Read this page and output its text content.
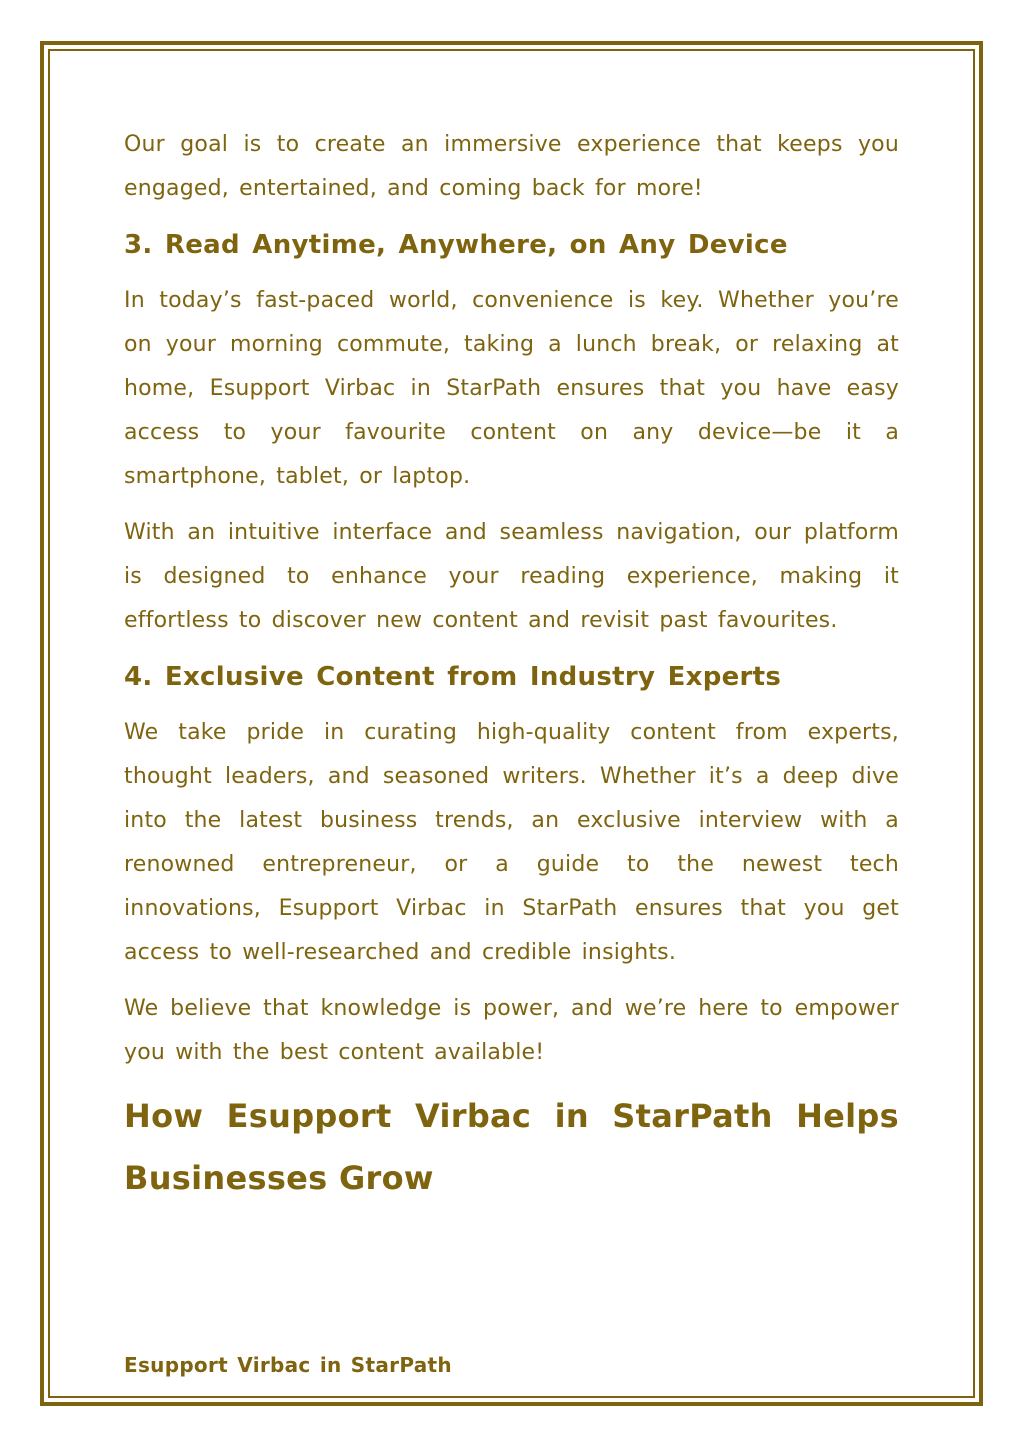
Our goal is to create an immersive experience that keeps you engaged, entertained, and coming back for more!

3. Read Anytime, Anywhere, on Any Device

In today’s fast-paced world, convenience is key. Whether you’re on your morning commute, taking a lunch break, or relaxing at home, Esupport Virbac in StarPath ensures that you have easy access to your favourite content on any device—be it a smartphone, tablet, or laptop.

With an intuitive interface and seamless navigation, our platform is designed to enhance your reading experience, making it effortless to discover new content and revisit past favourites.

4. Exclusive Content from Industry Experts

We take pride in curating high-quality content from experts, thought leaders, and seasoned writers. Whether it’s a deep dive into the latest business trends, an exclusive interview with a renowned entrepreneur, or a guide to the newest tech innovations, Esupport Virbac in StarPath ensures that you get access to well-researched and credible insights.

We believe that knowledge is power, and we’re here to empower you with the best content available!

How Esupport Virbac in StarPath Helps Businesses Grow
Esupport Virbac in StarPath
